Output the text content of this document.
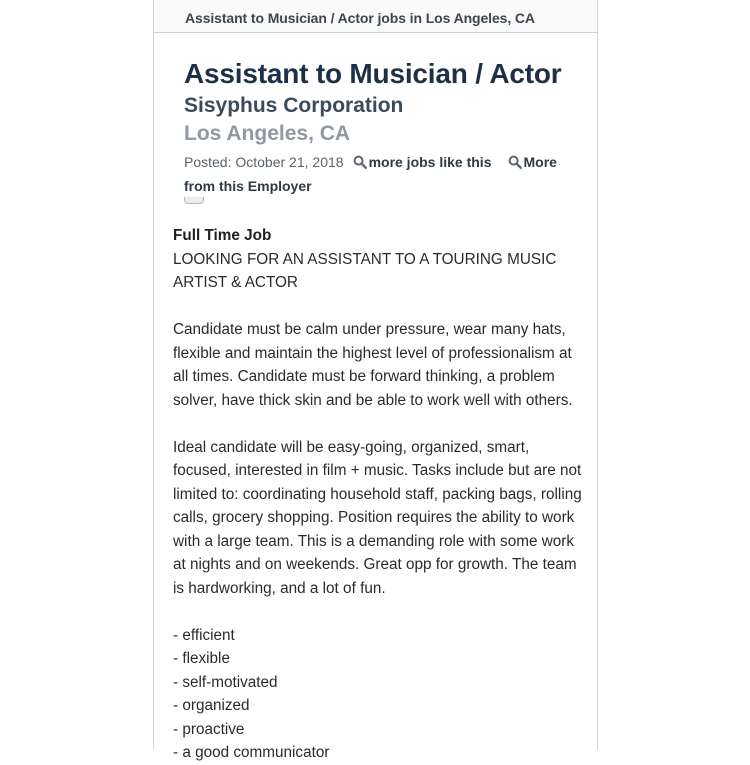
Assistant to Musician / Actor jobs in Los Angeles, CA
Assistant to Musician / Actor
Sisyphus Corporation
Los Angeles, CA
Posted: October 21, 2018 more jobs like this More from this Employer
Full Time Job

LOOKING FOR AN ASSISTANT TO A TOURING MUSIC ARTIST & ACTOR

Candidate must be calm under pressure, wear many hats, flexible and maintain the highest level of professionalism at all times. Candidate must be forward thinking, a problem solver, have thick skin and be able to work well with others.

Ideal candidate will be easy-going, organized, smart, focused, interested in film + music. Tasks include but are not limited to: coordinating household staff, packing bags, rolling calls, grocery shopping. Position requires the ability to work with a large team. This is a demanding role with some work at nights and on weekends. Great opp for growth. The team is hardworking, and a lot of fun.

- efficient
- flexible
- self-motivated
- organized
- proactive
- a good communicator
